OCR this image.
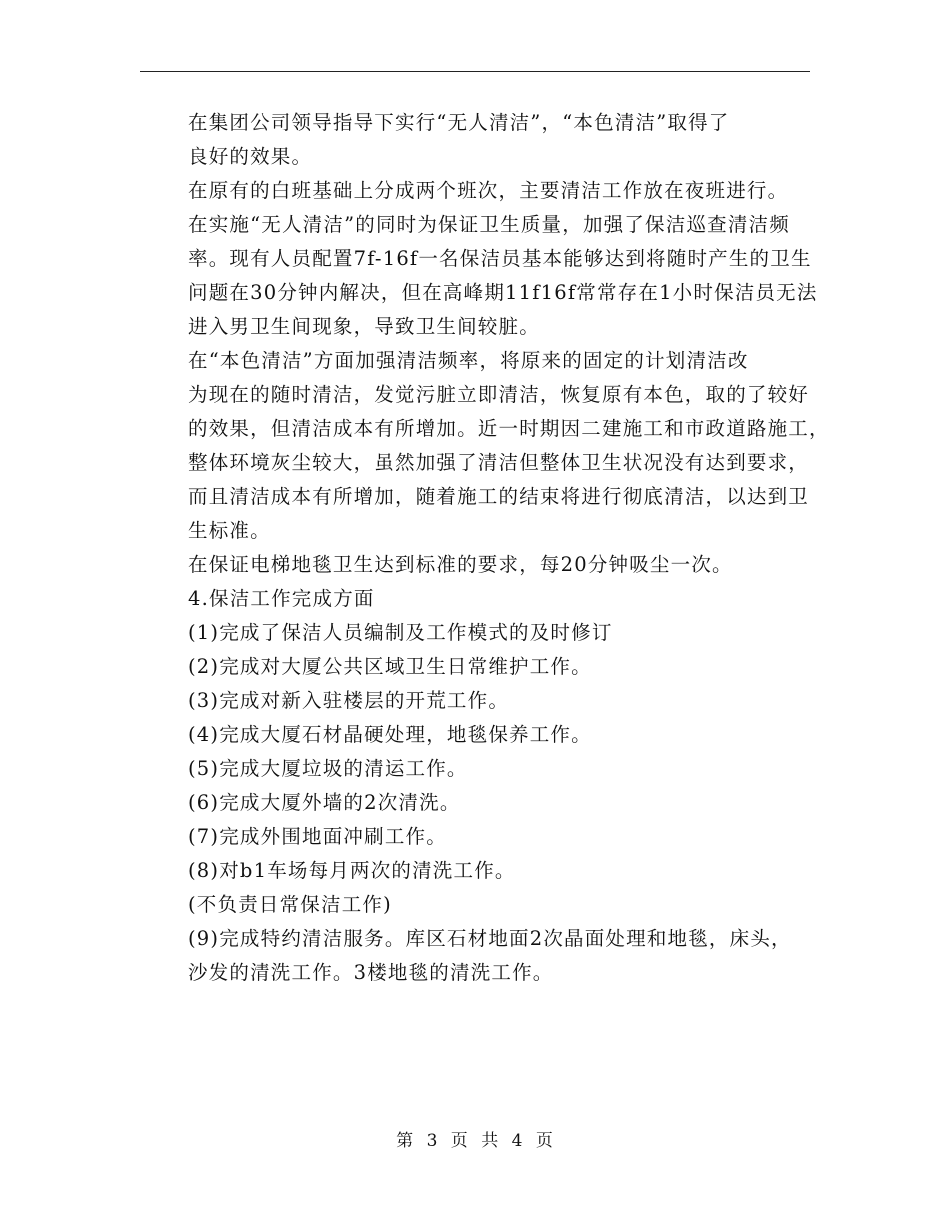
在集团公司领导指导下实行“无人清洁”，“本色清洁”取得了
良好的效果。

在原有的白班基础上分成两个班次，主要清洁工作放在夜班进行。
在实施“无人清洁”的同时为保证卫生质量，加强了保洁巡查清洁频
率。现有人员配置7f-16f一名保洁员基本能够达到将随时产生的卫生
问题在30分钟内解决，但在高峰期11f16f常常存在1小时保洁员无法
进入男卫生间现象，导致卫生间较脏。

在“本色清洁”方面加强清洁频率，将原来的固定的计划清洁改
为现在的随时清洁，发觉污脏立即清洁，恢复原有本色，取的了较好
的效果，但清洁成本有所增加。近一时期因二建施工和市政道路施工，
整体环境灰尘较大，虽然加强了清洁但整体卫生状况没有达到要求，
而且清洁成本有所增加，随着施工的结束将进行彻底清洁，以达到卫
生标准。

在保证电梯地毯卫生达到标准的要求，每20分钟吸尘一次。

4.保洁工作完成方面

(1)完成了保洁人员编制及工作模式的及时修订

(2)完成对大厦公共区域卫生日常维护工作。

(3)完成对新入驻楼层的开荒工作。

(4)完成大厦石材晶硬处理，地毯保养工作。

(5)完成大厦垃圾的清运工作。

(6)完成大厦外墙的2次清洗。

(7)完成外围地面冲刷工作。

(8)对b1车场每月两次的清洗工作。

(不负责日常保洁工作)

(9)完成特约清洁服务。库区石材地面2次晶面处理和地毯，床头，
沙发的清洗工作。3楼地毯的清洗工作。

第 3 页 共 4 页
